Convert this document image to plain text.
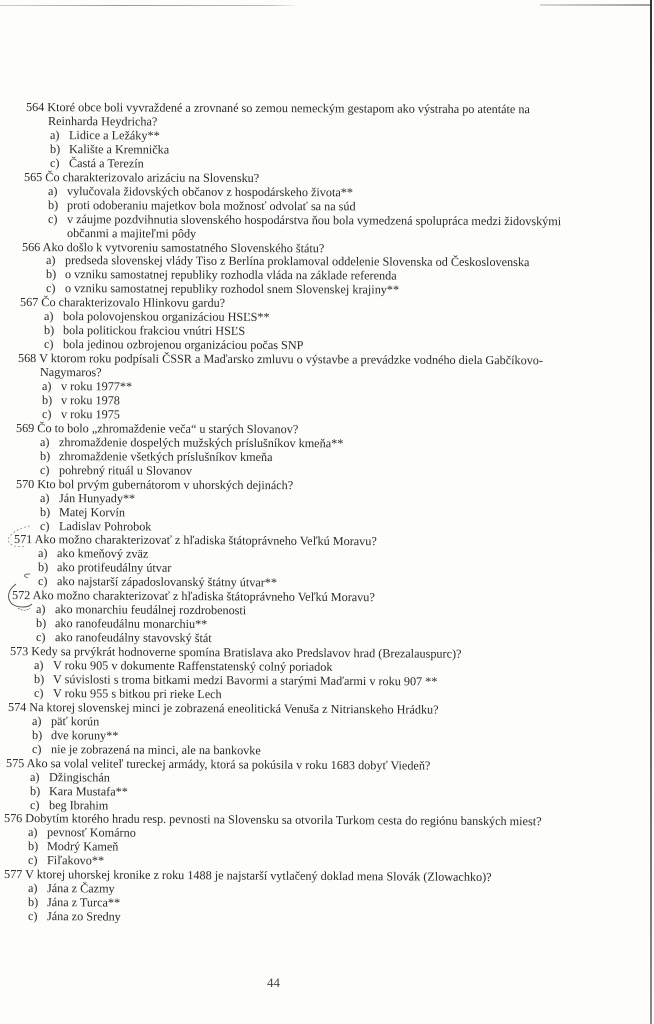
564 Ktoré obce boli vyvraždené a zrovnané so zemou nemeckým gestapom ako výstraha po atentáte na
Reinharda Heydricha?
a) Lidice a Ležáky**
b) Kalište a Kremnička
c) Častá a Terezín
565 Čo charakterizovalo arizáciu na Slovensku?
a) vylučovala židovských občanov z hospodárskeho života**
b) proti odoberaniu majetkov bola možnosť odvolať sa na súd
c) v záujme pozdvihnutia slovenského hospodárstva ňou bola vymedzená spolupráca medzi židovskými
občanmi a majiteľmi pôdy
566 Ako došlo k vytvoreniu samostatného Slovenského štátu?
a) predseda slovenskej vlády Tiso z Berlína proklamoval oddelenie Slovenska od Československa
b) o vzniku samostatnej republiky rozhodla vláda na základe referenda
c) o vzniku samostatnej republiky rozhodol snem Slovenskej krajiny**
567 Čo charakterizovalo Hlinkovu gardu?
a) bola polovojenskou organizáciou HSĽS**
b) bola politickou frakciou vnútri HSĽS
c) bola jedinou ozbrojenou organizáciou počas SNP
568 V ktorom roku podpísali ČSSR a Maďarsko zmluvu o výstavbe a prevádzke vodného diela Gabčíkovo-
Nagymaros?
a) v roku 1977**
b) v roku 1978
c) v roku 1975
569 Čo to bolo „zhromaždenie veča“ u starých Slovanov?
a) zhromaždenie dospelých mužských príslušníkov kmeňa**
b) zhromaždenie všetkých príslušníkov kmeňa
c) pohrebný rituál u Slovanov
570 Kto bol prvým gubernátorom v uhorských dejinách?
a) Ján Hunyady**
b) Matej Korvín
c) Ladislav Pohrobok
571 Ako možno charakterizovať z hľadiska štátoprávneho Veľkú Moravu?
a) ako kmeňový zväz
b) ako protifeudálny útvar
c) ako najstarší západoslovanský štátny útvar**
572 Ako možno charakterizovať z hľadiska štátoprávneho Veľkú Moravu?
a) ako monarchiu feudálnej rozdrobenosti
b) ako ranofeudálnu monarchiu**
c) ako ranofeudálny stavovský štát
573 Kedy sa prvýkrát hodnoverne spomína Bratislava ako Predslavov hrad (Brezalauspurc)?
a) V roku 905 v dokumente Raffenstatenský colný poriadok
b) V súvislosti s troma bitkami medzi Bavormi a starými Maďarmi v roku 907 **
c) V roku 955 s bitkou pri rieke Lech
574 Na ktorej slovenskej minci je zobrazená eneolitická Venuša z Nitrianskeho Hrádku?
a) päť korún
b) dve koruny**
c) nie je zobrazená na minci, ale na bankovke
575 Ako sa volal veliteľ tureckej armády, ktorá sa pokúsila v roku 1683 dobyť Viedeň?
a) Džingischán
b) Kara Mustafa**
c) beg Ibrahim
576 Dobytím ktorého hradu resp. pevnosti na Slovensku sa otvorila Turkom cesta do regiónu banských miest?
a) pevnosť Komárno
b) Modrý Kameň
c) Fiľakovo**
577 V ktorej uhorskej kronike z roku 1488 je najstarší vytlačený doklad mena Slovák (Zlowachko)?
a) Jána z Čazmy
b) Jána z Turca**
c) Jána zo Sredny
44
